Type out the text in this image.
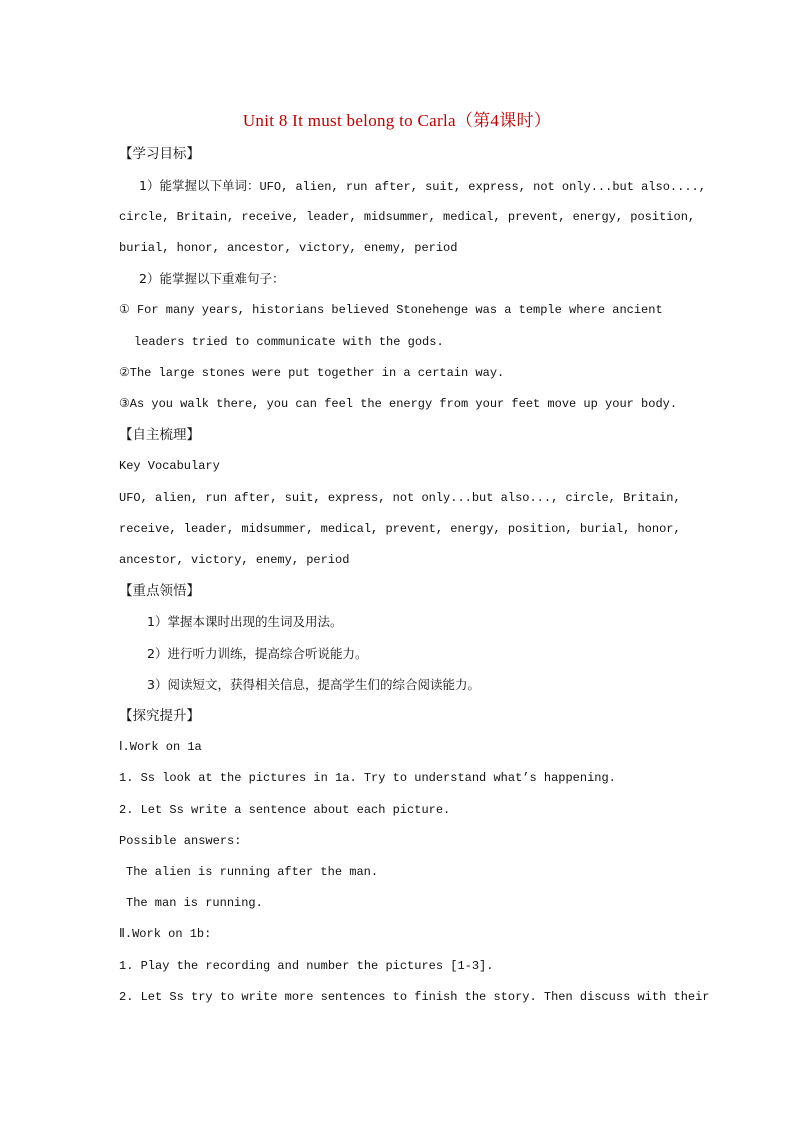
Unit 8 It must belong to Carla（第4课时）
【学习目标】
1）能掌握以下单词：UFO, alien, run after, suit, express, not only...but also....,
circle, Britain, receive, leader, midsummer, medical, prevent, energy, position,
burial, honor, ancestor, victory, enemy, period
2）能掌握以下重难句子：
① For many years, historians believed Stonehenge was a temple where ancient
leaders tried to communicate with the gods.
②The large stones were put together in a certain way.
③As you walk there, you can feel the energy from your feet move up your body.
【自主梳理】
Key Vocabulary
UFO, alien, run after, suit, express, not only...but also..., circle, Britain,
receive, leader, midsummer, medical, prevent, energy, position, burial, honor,
ancestor, victory, enemy, period
【重点领悟】
1）掌握本课时出现的生词及用法。
2）进行听力训练，提高综合听说能力。
3）阅读短文，获得相关信息，提高学生们的综合阅读能力。
【探究提升】
Ⅰ.Work on 1a
1. Ss look at the pictures in 1a. Try to understand what’s happening.
2. Let Ss write a sentence about each picture.
Possible answers:
The alien is running after the man.
The man is running.
Ⅱ.Work on 1b:
1. Play the recording and number the pictures [1-3].
2. Let Ss try to write more sentences to finish the story. Then discuss with their
